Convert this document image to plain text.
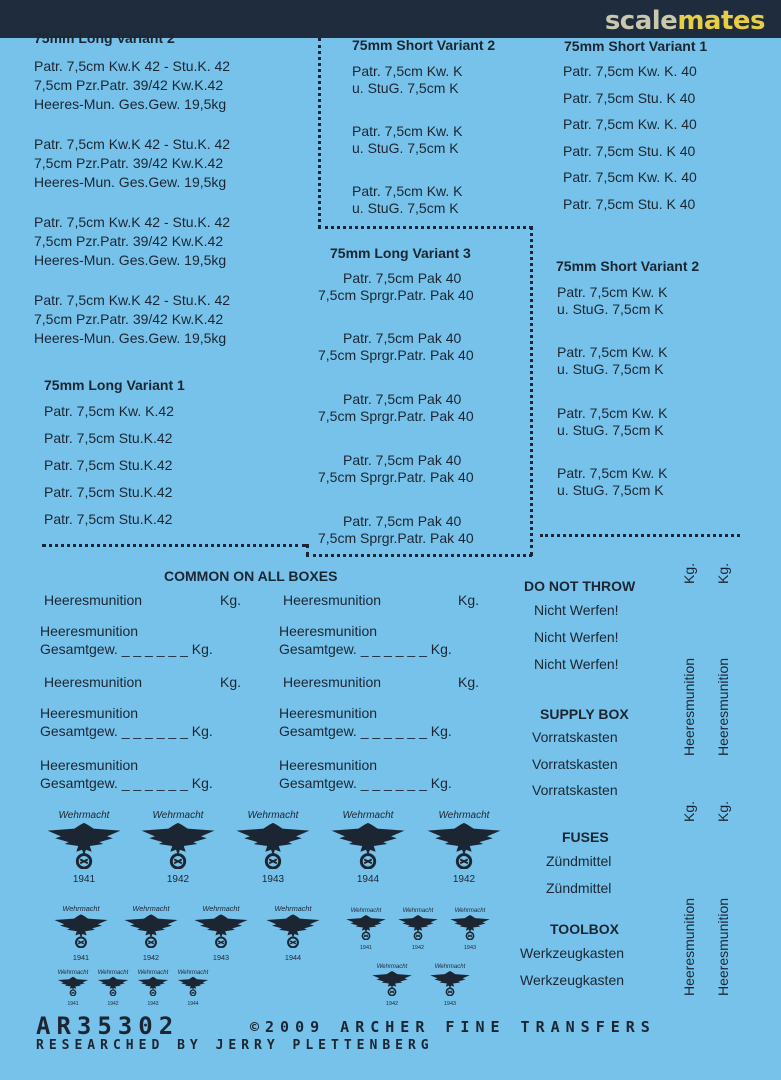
scalemates
75mm Long Variant 2
Patr. 7,5cm Kw.K 42 - Stu.K. 42
7,5cm Pzr.Patr. 39/42 Kw.K.42
Heeres-Mun. Ges.Gew. 19,5kg
Patr. 7,5cm Kw.K 42 - Stu.K. 42
7,5cm Pzr.Patr. 39/42 Kw.K.42
Heeres-Mun. Ges.Gew. 19,5kg
Patr. 7,5cm Kw.K 42 - Stu.K. 42
7,5cm Pzr.Patr. 39/42 Kw.K.42
Heeres-Mun. Ges.Gew. 19,5kg
Patr. 7,5cm Kw.K 42 - Stu.K. 42
7,5cm Pzr.Patr. 39/42 Kw.K.42
Heeres-Mun. Ges.Gew. 19,5kg
75mm Long Variant 1
Patr. 7,5cm Kw. K.42
Patr. 7,5cm Stu.K.42
Patr. 7,5cm Stu.K.42
Patr. 7,5cm Stu.K.42
Patr. 7,5cm Stu.K.42
75mm Short Variant 2
Patr. 7,5cm Kw. K
u. StuG. 7,5cm K
Patr. 7,5cm Kw. K
u. StuG. 7,5cm K
Patr. 7,5cm Kw. K
u. StuG. 7,5cm K
75mm Short Variant 1
Patr. 7,5cm Kw. K. 40
Patr. 7,5cm Stu. K 40
Patr. 7,5cm Kw. K. 40
Patr. 7,5cm Stu. K 40
Patr. 7,5cm Kw. K. 40
Patr. 7,5cm Stu. K 40
75mm Long Variant 3
Patr. 7,5cm Pak 40
7,5cm Sprgr.Patr. Pak 40
Patr. 7,5cm Pak 40
7,5cm Sprgr.Patr. Pak 40
Patr. 7,5cm Pak 40
7,5cm Sprgr.Patr. Pak 40
Patr. 7,5cm Pak 40
7,5cm Sprgr.Patr. Pak 40
Patr. 7,5cm Pak 40
7,5cm Sprgr.Patr. Pak 40
75mm Short Variant 2
Patr. 7,5cm Kw. K
u. StuG. 7,5cm K
Patr. 7,5cm Kw. K
u. StuG. 7,5cm K
Patr. 7,5cm Kw. K
u. StuG. 7,5cm K
Patr. 7,5cm Kw. K
u. StuG. 7,5cm K
COMMON ON ALL BOXES
Heeresmunition	Kg.
Heeresmunition	Kg.
Heeresmunition	Kg.
Heeresmunition	Kg.
Heeresmunition
Gesamtgew. _ _ _ _ _ _ Kg.
Heeresmunition
Gesamtgew. _ _ _ _ _ _ Kg.
Heeresmunition
Gesamtgew. _ _ _ _ _ _ Kg.
Heeresmunition
Gesamtgew. _ _ _ _ _ _ Kg.
Heeresmunition
Gesamtgew. _ _ _ _ _ _ Kg.
Heeresmunition
Gesamtgew. _ _ _ _ _ _ Kg.
DO NOT THROW
Nicht Werfen!
Nicht Werfen!
Nicht Werfen!
SUPPLY BOX
Vorratskasten
Vorratskasten
Vorratskasten
FUSES
Zündmittel
Zündmittel
TOOLBOX
Werkzeugkasten
Werkzeugkasten
Kg.
Heeresmunition
Kg.
Heeresmunition
Kg.
Heeresmunition
Kg.
Heeresmunition
Wehrmacht
1941
Wehrmacht
1942
Wehrmacht
1943
Wehrmacht
1944
Wehrmacht
1942
Wehrmacht
1941
Wehrmacht
1942
Wehrmacht
1943
Wehrmacht
1944
Wehrmacht
1941
Wehrmacht
1942
Wehrmacht
1943
Wehrmacht
1941
Wehrmacht
1942
Wehrmacht
1943
Wehrmacht
1944
Wehrmacht
1942
Wehrmacht
1943
AR35302	©2009 ARCHER FINE TRANSFERS
RESEARCHED BY JERRY PLETTENBERG
